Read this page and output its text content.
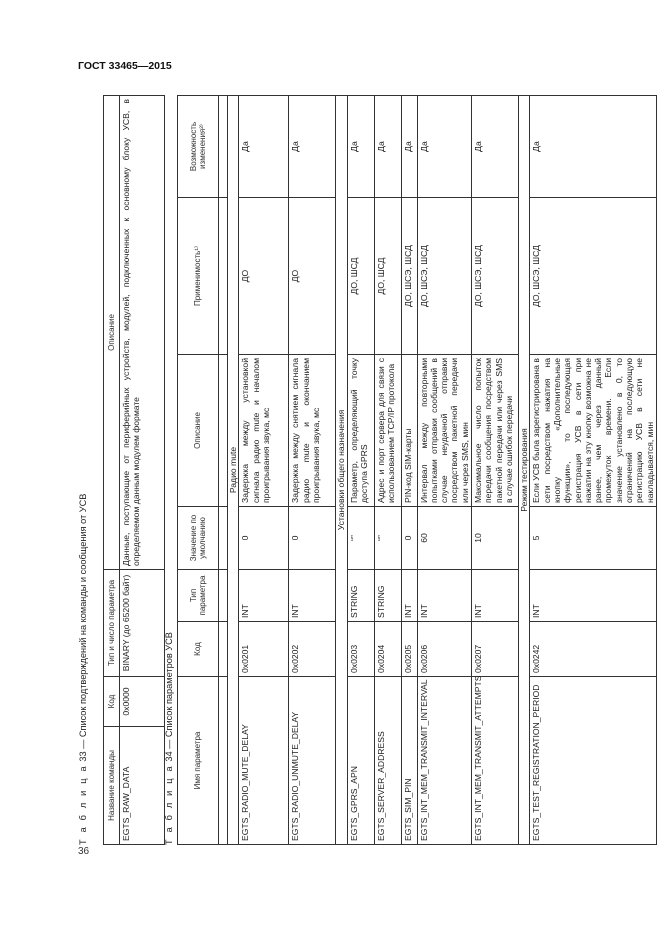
ГОСТ 33465—2015
36
Т а б л и ц а 33 — Список подтверждений на команды и сообщения от УСВ
Название команды	Код	Тип и число параметра	Описание
EGTS_RAW_DATA	0x0000	BINARY (до 65200 байт)	Данные, поступающие от периферийных устройств, модулей, подключенных к основному блоку УСВ, в определяемом данным модулем формате
Т а б л и ц а 34 — Список параметров УСВ Имя параметра	Код	Тип параметра	Значение по умолчанию	Описание	Применимость¹⁾	Возможность изменения²⁾

Радио mute						
EGTS_RADIO_MUTE_DELAY	0x0201	INT	0	Задержка между установкой сигнала радио mute и началом проигрывания звука, мс	ДО	Да
EGTS_RADIO_UNMUTE_DELAY	0x0202	INT	0	Задержка между снятием сигнала радио mute и окончанием проигрывания звука, мс	ДО	Да
Установки общего назначения						
EGTS_GPRS_APN	0x0203	STRING	“”	Параметр, определяющий точку доступа GPRS	ДО, ШСД	Да
EGTS_SERVER_ADDRESS	0x0204	STRING	“”	Адрес и порт сервера для связи с использованием TCP/IP протокола	ДО, ШСД	Да
EGTS_SIM_PIN	0x0205	INT	0	PIN-код SIM-карты	ДО, ШСЭ, ШСД	Да
EGTS_INT_MEM_TRANSMIT_INTERVAL	0x0206	INT	60	Интервал между повторными попытками отправки сообщений в случае неудачной отправки посредством пакетной передачи или через SMS, мин	ДО, ШСЭ, ШСД	Да
EGTS_INT_MEM_TRANSMIT_ATTEMPTS	0x0207	INT	10	Максимальное число попыток передачи сообщения посредством пакетной передачи или через SMS в случае ошибок передачи	ДО, ШСЭ, ШСД	Да
Режим тестирования						
EGTS_TEST_REGISTRATION_PERIOD	0x0242	INT	5	Если УСВ была зарегистрирована в сети посредством нажатия на кнопку «Дополнительные функции», то последующая регистрация УСВ в сети при нажатии на эту кнопку возможна не ранее, чем через данный промежуток времени. Если значение установлено в 0, то ограничений на последующую регистрацию УСВ в сети не накладывается, мин	ДО, ШСЭ, ШСД	Да
